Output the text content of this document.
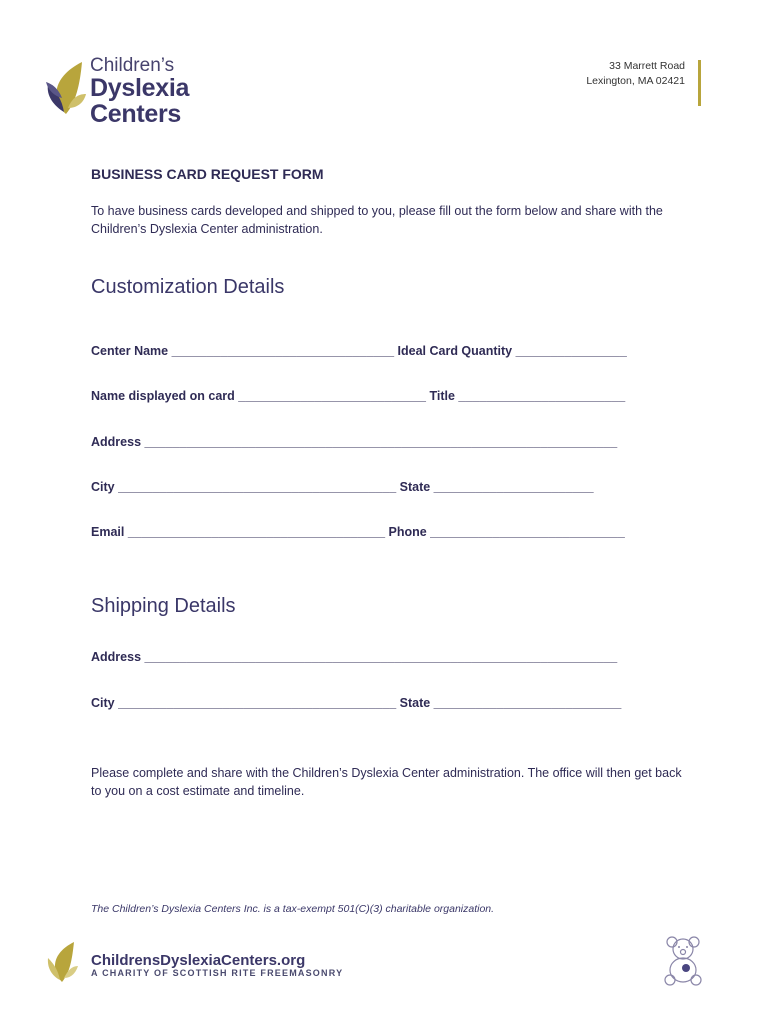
Children’s
Dyslexia
Centers
33 Marrett Road
Lexington, MA 02421
BUSINESS CARD REQUEST FORM
To have business cards developed and shipped to you, please fill out the form below and share with the Children’s Dyslexia Center administration.
Customization Details
Center Name ________________________________ Ideal Card Quantity ________________
Name displayed on card ___________________________ Title ________________________
Address ____________________________________________________________________
City ________________________________________ State _______________________
Email _____________________________________ Phone ____________________________
Shipping Details
Address ____________________________________________________________________
City ________________________________________ State ___________________________
Please complete and share with the Children’s Dyslexia Center administration. The office will then get back to you on a cost estimate and timeline.
The Children’s Dyslexia Centers Inc. is a tax-exempt 501(C)(3) charitable organization.
ChildrensDyslexiaCenters.org
A CHARITY OF SCOTTISH RITE FREEMASONRY
